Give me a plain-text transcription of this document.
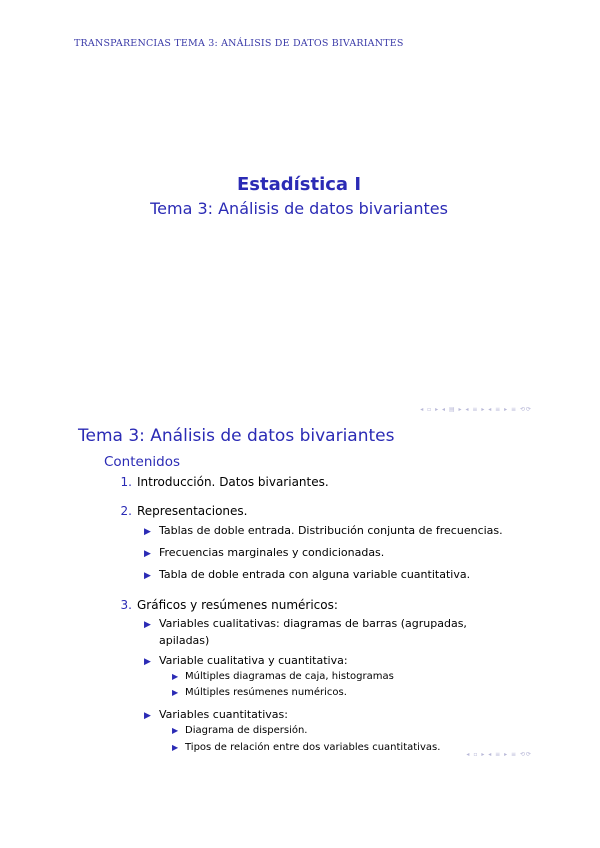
TRANSPARENCIAS TEMA 3: ANÁLISIS DE DATOS BIVARIANTES
Estadística I
Tema 3: Análisis de datos bivariantes
◂ ▫ ▸ ◂ ▤ ▸ ◂ ≡ ▸ ◂ ≡ ▸ ≡ ⟲⟳
Tema 3: Análisis de datos bivariantes
Contenidos
1. Introducción. Datos bivariantes.
2. Representaciones.
▶ Tablas de doble entrada. Distribución conjunta de frecuencias.
▶ Frecuencias marginales y condicionadas.
▶ Tabla de doble entrada con alguna variable cuantitativa.
3. Gráficos y resúmenes numéricos:
▶ Variables cualitativas: diagramas de barras (agrupadas, apiladas)
▶ Variable cualitativa y cuantitativa:
▶ Múltiples diagramas de caja, histogramas
▶ Múltiples resúmenes numéricos.
▶ Variables cuantitativas:
▶ Diagrama de dispersión.
▶ Tipos de relación entre dos variables cuantitativas.
◂ ▫ ▸ ◂ ≡ ▸ ≡ ⟲⟳
